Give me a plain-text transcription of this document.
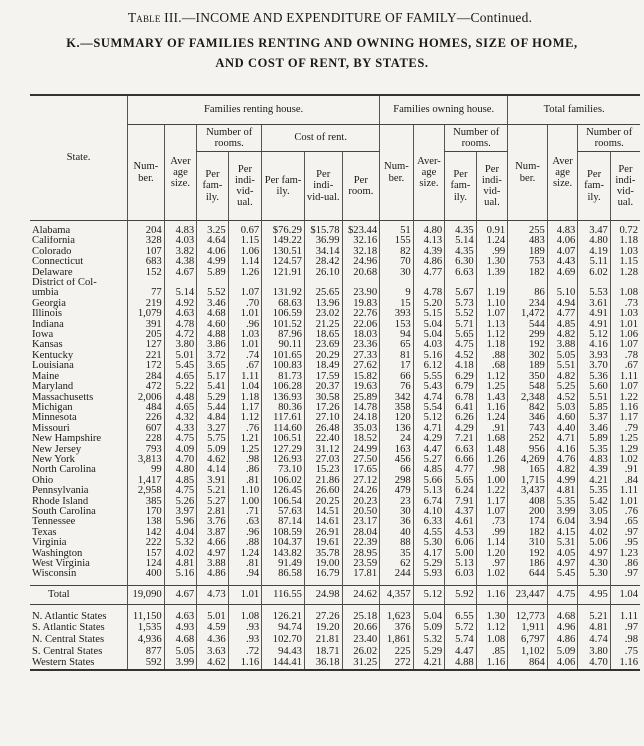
Table III.—INCOME AND EXPENDITURE OF FAMILY—Continued.
K.—SUMMARY OF FAMILIES RENTING AND OWNING HOMES, SIZE OF HOME,
AND COST OF RENT, BY STATES.
State.	Families renting house.							Families owning house.				Total families.			
	Num-ber.	Aver age size.	Number of rooms.		Cost of rent.			Num-ber.	Aver-age size.	Number of rooms.		Num-ber.	Aver age size.	Number of rooms.	
			Per fam-ily.	Per indi-vid-ual.	Per fam-ily.	Per indi-vid-ual.	Per room.			Per fam-ily.	Per indi-vid-ual.			Per fam-ily.	Per indi-vid-ual.

Alabama	204	4.83	3.25	0.67	$76.29	$15.78	$23.44	51	4.80	4.35	0.91	255	4.83	3.47	0.72
California	328	4.03	4.64	1.15	149.22	36.99	32.16	155	4.13	5.14	1.24	483	4.06	4.80	1.18
Colorado	107	3.82	4.06	1.06	130.51	34.14	32.18	82	4.39	4.35	.99	189	4.07	4.19	1.03
Connecticut	683	4.38	4.99	1.14	124.57	28.42	24.96	70	4.86	6.30	1.30	753	4.43	5.11	1.15
Delaware	152	4.67	5.89	1.26	121.91	26.10	20.68	30	4.77	6.63	1.39	182	4.69	6.02	1.28
District of Col-															
umbia	77	5.14	5.52	1.07	131.92	25.65	23.90	9	4.78	5.67	1.19	86	5.10	5.53	1.08
Georgia	219	4.92	3.46	.70	68.63	13.96	19.83	15	5.20	5.73	1.10	234	4.94	3.61	.73
Illinois	1,079	4.63	4.68	1.01	106.59	23.02	22.76	393	5.15	5.52	1.07	1,472	4.77	4.91	1.03
Indiana	391	4.78	4.60	.96	101.52	21.25	22.06	153	5.04	5.71	1.13	544	4.85	4.91	1.01
Iowa	205	4.72	4.88	1.03	87.96	18.65	18.03	94	5.04	5.65	1.12	299	4.82	5.12	1.06
Kansas	127	3.80	3.86	1.01	90.11	23.69	23.36	65	4.03	4.75	1.18	192	3.88	4.16	1.07
Kentucky	221	5.01	3.72	.74	101.65	20.29	27.33	81	5.16	4.52	.88	302	5.05	3.93	.78
Louisiana	172	5.45	3.65	.67	100.83	18.49	27.62	17	6.12	4.18	.68	189	5.51	3.70	.67
Maine	284	4.65	5.17	1.11	81.73	17.59	15.82	66	5.55	6.29	1.12	350	4.82	5.36	1.11
Maryland	472	5.22	5.41	1.04	106.28	20.37	19.63	76	5.43	6.79	1.25	548	5.25	5.60	1.07
Massachusetts	2,006	4.48	5.29	1.18	136.93	30.58	25.89	342	4.74	6.78	1.43	2,348	4.52	5.51	1.22
Michigan	484	4.65	5.44	1.17	80.36	17.26	14.78	358	5.54	6.41	1.16	842	5.03	5.85	1.16
Minnesota	226	4.32	4.84	1.12	117.61	27.10	24.18	120	5.12	6.26	1.24	346	4.60	5.37	1.17
Missouri	607	4.33	3.27	.76	114.60	26.48	35.03	136	4.71	4.29	.91	743	4.40	3.46	.79
New Hampshire	228	4.75	5.75	1.21	106.51	22.40	18.52	24	4.29	7.21	1.68	252	4.71	5.89	1.25
New Jersey	793	4.09	5.09	1.25	127.29	31.12	24.99	163	4.47	6.63	1.48	956	4.16	5.35	1.29
New York	3,813	4.70	4.62	.98	126.93	27.03	27.50	456	5.27	6.66	1.26	4,269	4.76	4.83	1.02
North Carolina	99	4.80	4.14	.86	73.10	15.23	17.65	66	4.85	4.77	.98	165	4.82	4.39	.91
Ohio	1,417	4.85	3.91	.81	106.02	21.86	27.12	298	5.66	5.65	1.00	1,715	4.99	4.21	.84
Pennsylvania	2,958	4.75	5.21	1.10	126.45	26.60	24.26	479	5.13	6.24	1.22	3,437	4.81	5.35	1.11
Rhode Island	385	5.26	5.27	1.00	106.54	20.25	20.23	23	6.74	7.91	1.17	408	5.35	5.42	1.01
South Carolina	170	3.97	2.81	.71	57.63	14.51	20.50	30	4.10	4.37	1.07	200	3.99	3.05	.76
Tennessee	138	5.96	3.76	.63	87.14	14.61	23.17	36	6.33	4.61	.73	174	6.04	3.94	.65
Texas	142	4.04	3.87	.96	108.59	26.91	28.04	40	4.55	4.53	.99	182	4.15	4.02	.97
Virginia	222	5.32	4.66	.88	104.37	19.61	22.39	88	5.30	6.06	1.14	310	5.31	5.06	.95
Washington	157	4.02	4.97	1.24	143.82	35.78	28.95	35	4.17	5.00	1.20	192	4.05	4.97	1.23
West Virginia	124	4.81	3.88	.81	91.49	19.00	23.59	62	5.29	5.13	.97	186	4.97	4.30	.86
Wisconsin	400	5.16	4.86	.94	86.58	16.79	17.81	244	5.93	6.03	1.02	644	5.45	5.30	.97

Total	19,090	4.67	4.73	1.01	116.55	24.98	24.62	4,357	5.12	5.92	1.16	23,447	4.75	4.95	1.04

N. Atlantic States	11,150	4.63	5.01	1.08	126.21	27.26	25.18	1,623	5.04	6.55	1.30	12,773	4.68	5.21	1.11
S. Atlantic States	1,535	4.93	4.59	.93	94.74	19.20	20.66	376	5.09	5.72	1.12	1,911	4.96	4.81	.97
N. Central States	4,936	4.68	4.36	.93	102.70	21.81	23.40	1,861	5.32	5.74	1.08	6,797	4.86	4.74	.98
S. Central States	877	5.05	3.63	.72	94.43	18.71	26.02	225	5.29	4.47	.85	1,102	5.09	3.80	.75
Western States	592	3.99	4.62	1.16	144.41	36.18	31.25	272	4.21	4.88	1.16	864	4.06	4.70	1.16
